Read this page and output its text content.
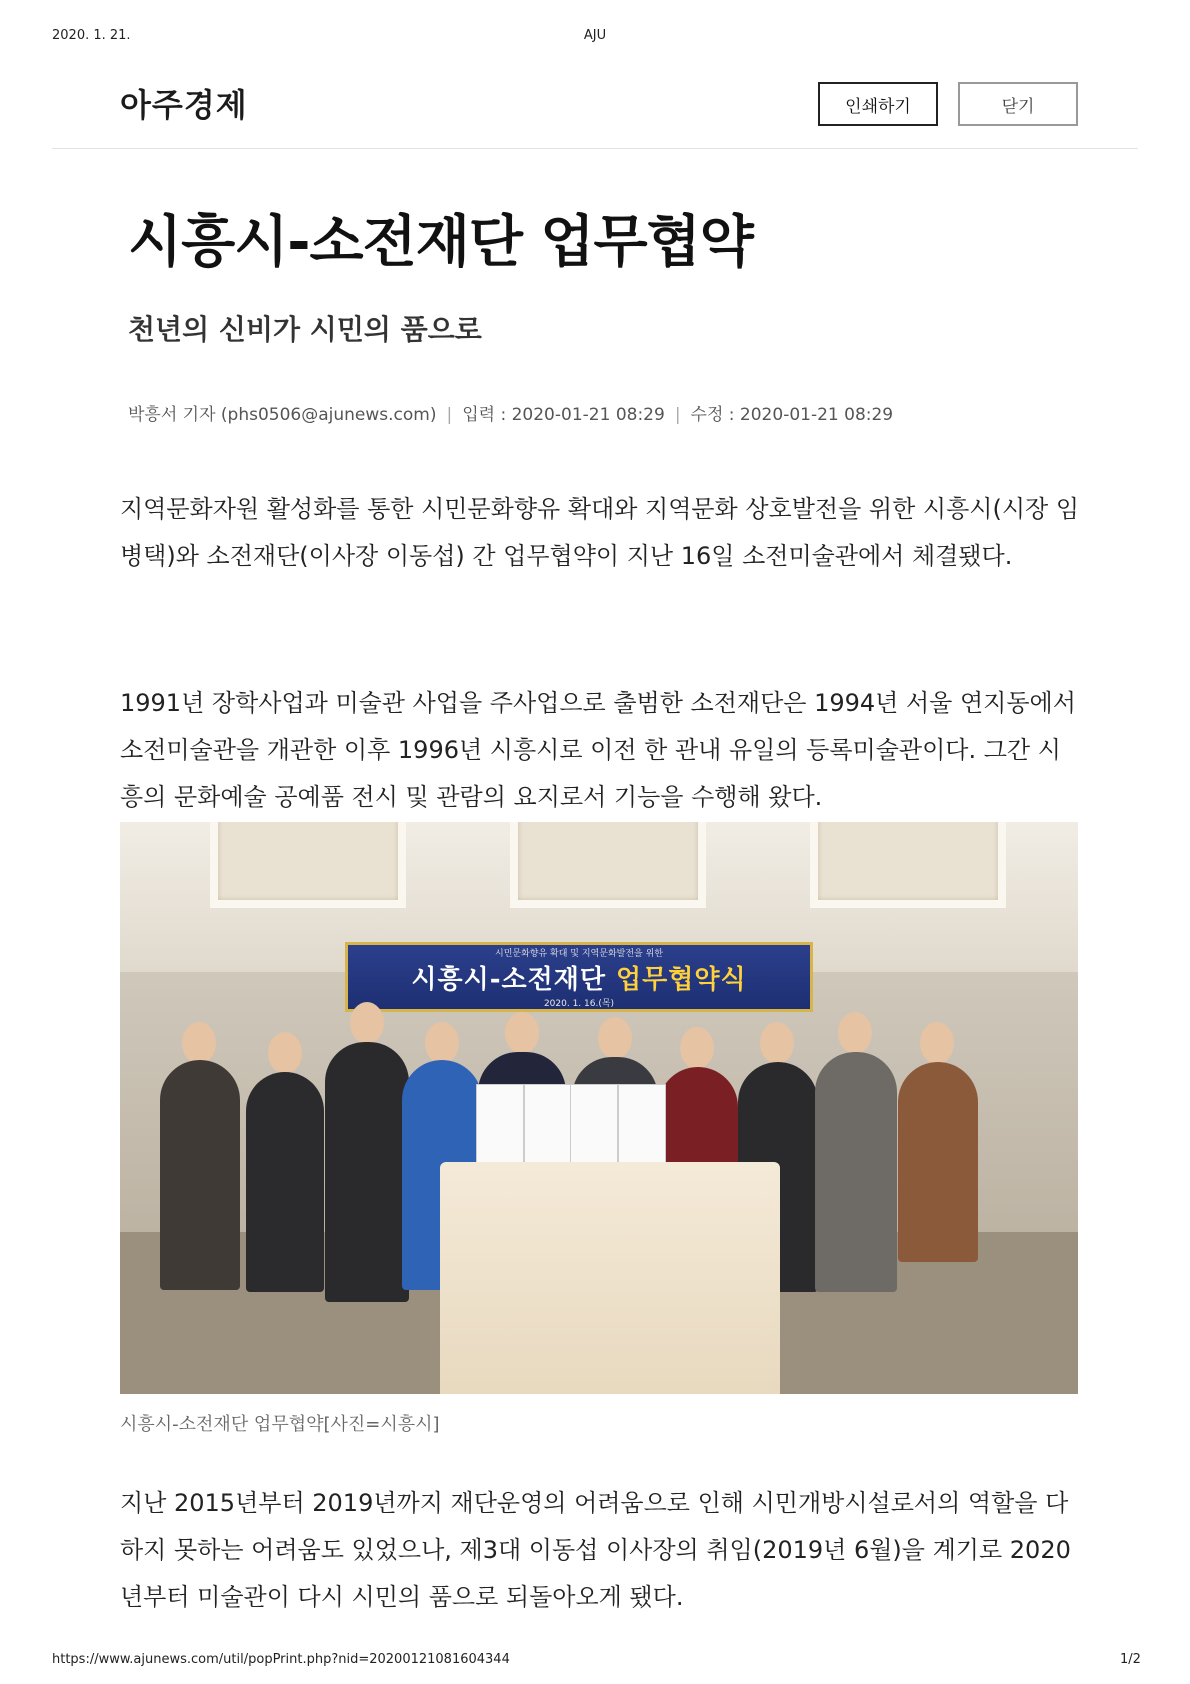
2020. 1. 21.	AJU
아주경제	인쇄하기	닫기
시흥시-소전재단 업무협약
천년의 신비가 시민의 품으로
박흥서 기자 (phs0506@ajunews.com) | 입력 : 2020-01-21 08:29 | 수정 : 2020-01-21 08:29

지역문화자원 활성화를 통한 시민문화향유 확대와 지역문화 상호발전을 위한 시흥시(시장 임병택)와 소전재단(이사장 이동섭) 간 업무협약이 지난 16일 소전미술관에서 체결됐다.

1991년 장학사업과 미술관 사업을 주사업으로 출범한 소전재단은 1994년 서울 연지동에서 소전미술관을 개관한 이후 1996년 시흥시로 이전 한 관내 유일의 등록미술관이다. 그간 시흥의 문화예술 공예품 전시 및 관람의 요지로서 기능을 수행해 왔다.

시민문화향유 확대 및 지역문화발전을 위한
시흥시-소전재단 업무협약식
2020. 1. 16.(목)
시흥시-소전재단 업무협약[사진=시흥시]

지난 2015년부터 2019년까지 재단운영의 어려움으로 인해 시민개방시설로서의 역할을 다하지 못하는 어려움도 있었으나, 제3대 이동섭 이사장의 취임(2019년 6월)을 계기로 2020년부터 미술관이 다시 시민의 품으로 되돌아오게 됐다.

https://www.ajunews.com/util/popPrint.php?nid=20200121081604344	1/2
